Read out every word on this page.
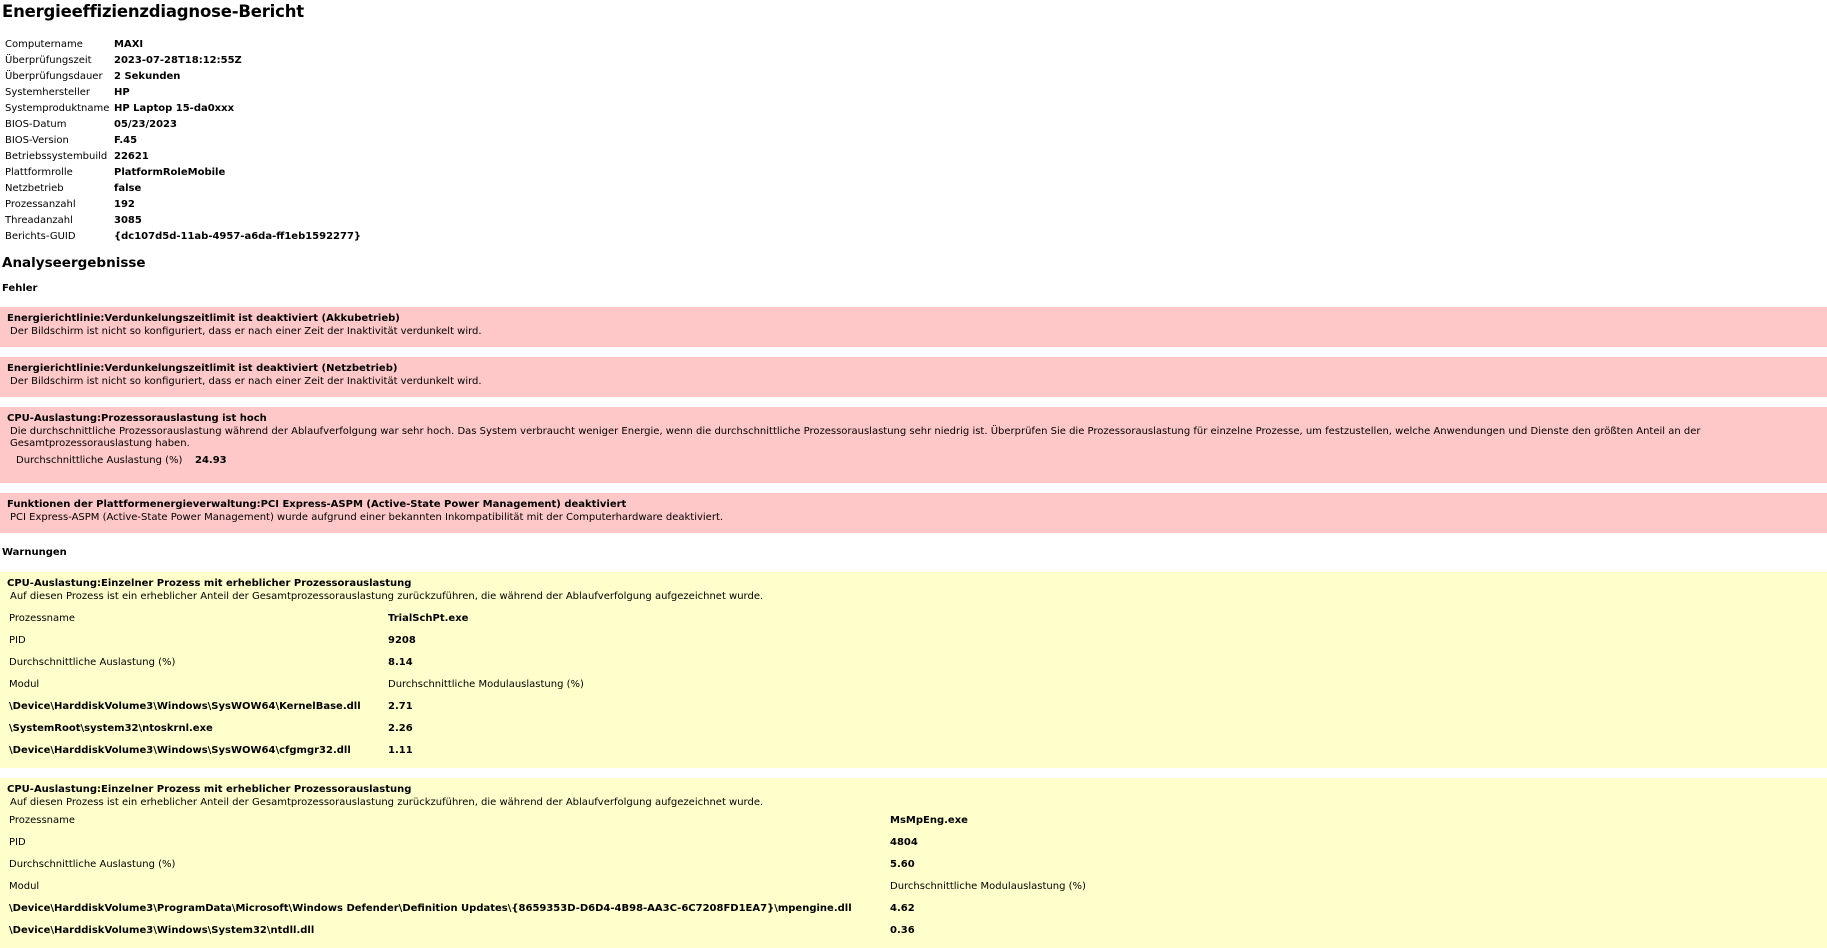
Energieeffizienzdiagnose-Bericht
Computername	MAXI
Überprüfungszeit	2023-07-28T18:12:55Z
Überprüfungsdauer	2 Sekunden
Systemhersteller	HP
Systemproduktname HP Laptop 15-da0xxx
BIOS-Datum	05/23/2023
BIOS-Version	F.45
Betriebssystembuild 22621
Plattformrolle	PlatformRoleMobile
Netzbetrieb	false
Prozessanzahl	192
Threadanzahl	3085
Berichts-GUID	{dc107d5d-11ab-4957-a6da-ff1eb1592277}
Analyseergebnisse
Fehler
Energierichtlinie:Verdunkelungszeitlimit ist deaktiviert (Akkubetrieb)
Der Bildschirm ist nicht so konfiguriert, dass er nach einer Zeit der Inaktivität verdunkelt wird.
Energierichtlinie:Verdunkelungszeitlimit ist deaktiviert (Netzbetrieb)
Der Bildschirm ist nicht so konfiguriert, dass er nach einer Zeit der Inaktivität verdunkelt wird.
CPU-Auslastung:Prozessorauslastung ist hoch
Die durchschnittliche Prozessorauslastung während der Ablaufverfolgung war sehr hoch. Das System verbraucht weniger Energie, wenn die durchschnittliche Prozessorauslastung sehr niedrig ist. Überprüfen Sie die Prozessorauslastung für einzelne Prozesse, um festzustellen, welche Anwendungen und Dienste den größten Anteil an der Gesamtprozessorauslastung haben.
Durchschnittliche Auslastung (%)	24.93
Funktionen der Plattformenergieverwaltung:PCI Express-ASPM (Active-State Power Management) deaktiviert
PCI Express-ASPM (Active-State Power Management) wurde aufgrund einer bekannten Inkompatibilität mit der Computerhardware deaktiviert.
Warnungen
CPU-Auslastung:Einzelner Prozess mit erheblicher Prozessorauslastung
Auf diesen Prozess ist ein erheblicher Anteil der Gesamtprozessorauslastung zurückzuführen, die während der Ablaufverfolgung aufgezeichnet wurde.
Prozessname	TrialSchPt.exe
PID	9208
Durchschnittliche Auslastung (%)	8.14
Modul	Durchschnittliche Modulauslastung (%)
\Device\HarddiskVolume3\Windows\SysWOW64\KernelBase.dll	2.71
\SystemRoot\system32\ntoskrnl.exe	2.26
\Device\HarddiskVolume3\Windows\SysWOW64\cfgmgr32.dll	1.11
CPU-Auslastung:Einzelner Prozess mit erheblicher Prozessorauslastung
Auf diesen Prozess ist ein erheblicher Anteil der Gesamtprozessorauslastung zurückzuführen, die während der Ablaufverfolgung aufgezeichnet wurde.
Prozessname	MsMpEng.exe
PID	4804
Durchschnittliche Auslastung (%)	5.60
Modul	Durchschnittliche Modulauslastung (%)
\Device\HarddiskVolume3\ProgramData\Microsoft\Windows Defender\Definition Updates\{8659353D-D6D4-4B98-AA3C-6C7208FD1EA7}\mpengine.dll	4.62
\Device\HarddiskVolume3\Windows\System32\ntdll.dll	0.36
